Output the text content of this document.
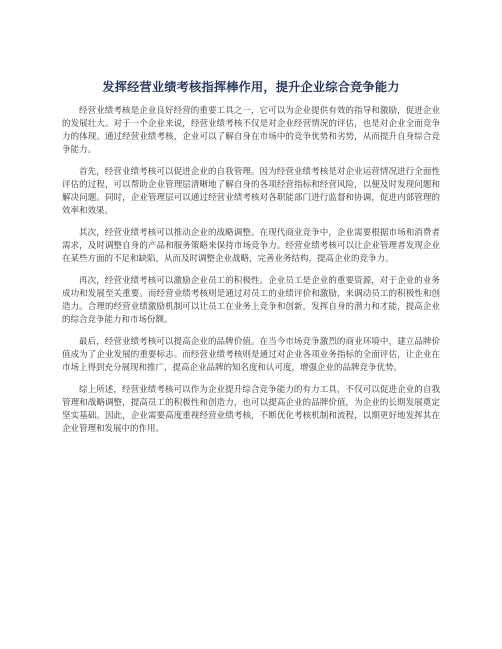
发挥经营业绩考核指挥棒作用，提升企业综合竞争能力

经营业绩考核是企业良好经营的重要工具之一，它可以为企业提供有效的指导和激励，促进企业的发展壮大。对于一个企业来说，经营业绩考核不仅是对企业经营情况的评估，也是对企业全面竞争力的体现。通过经营业绩考核，企业可以了解自身在市场中的竞争优势和劣势，从而提升自身综合竞争能力。

首先，经营业绩考核可以促进企业的自我管理。因为经营业绩考核是对企业运营情况进行全面性评估的过程，可以帮助企业管理层清晰地了解自身的各项经营指标和经营风险，以便及时发现问题和解决问题。同时，企业管理层可以通过经营业绩考核对各职能部门进行监督和协调，促进内部管理的效率和效果。

其次，经营业绩考核可以推动企业的战略调整。在现代商业竞争中，企业需要根据市场和消费者需求，及时调整自身的产品和服务策略来保持市场竞争力。经营业绩考核可以让企业管理者发现企业在某些方面的不足和缺陷，从而及时调整企业战略，完善业务结构，提高企业的竞争力。

再次，经营业绩考核可以激励企业员工的积极性。企业员工是企业的重要资源，对于企业的业务成功和发展至关重要。而经营业绩考核则是通过对员工的业绩评价和激励，来调动员工的积极性和创造力。合理的经营业绩激励机制可以让员工在业务上竞争和创新，发挥自身的潜力和才能，提高企业的综合竞争能力和市场份额。

最后，经营业绩考核可以提高企业的品牌价值。在当今市场竞争激烈的商业环境中，建立品牌价值成为了企业发展的重要标志。而经营业绩考核则是通过对企业各项业务指标的全面评估，让企业在市场上得到充分展现和推广，提高企业品牌的知名度和认可度，增强企业的品牌竞争优势。

综上所述，经营业绩考核可以作为企业提升综合竞争能力的有力工具，不仅可以促进企业的自我管理和战略调整，提高员工的积极性和创造力，也可以提高企业的品牌价值，为企业的长期发展奠定坚实基础。因此，企业需要高度重视经营业绩考核，不断优化考核机制和流程，以期更好地发挥其在企业管理和发展中的作用。
